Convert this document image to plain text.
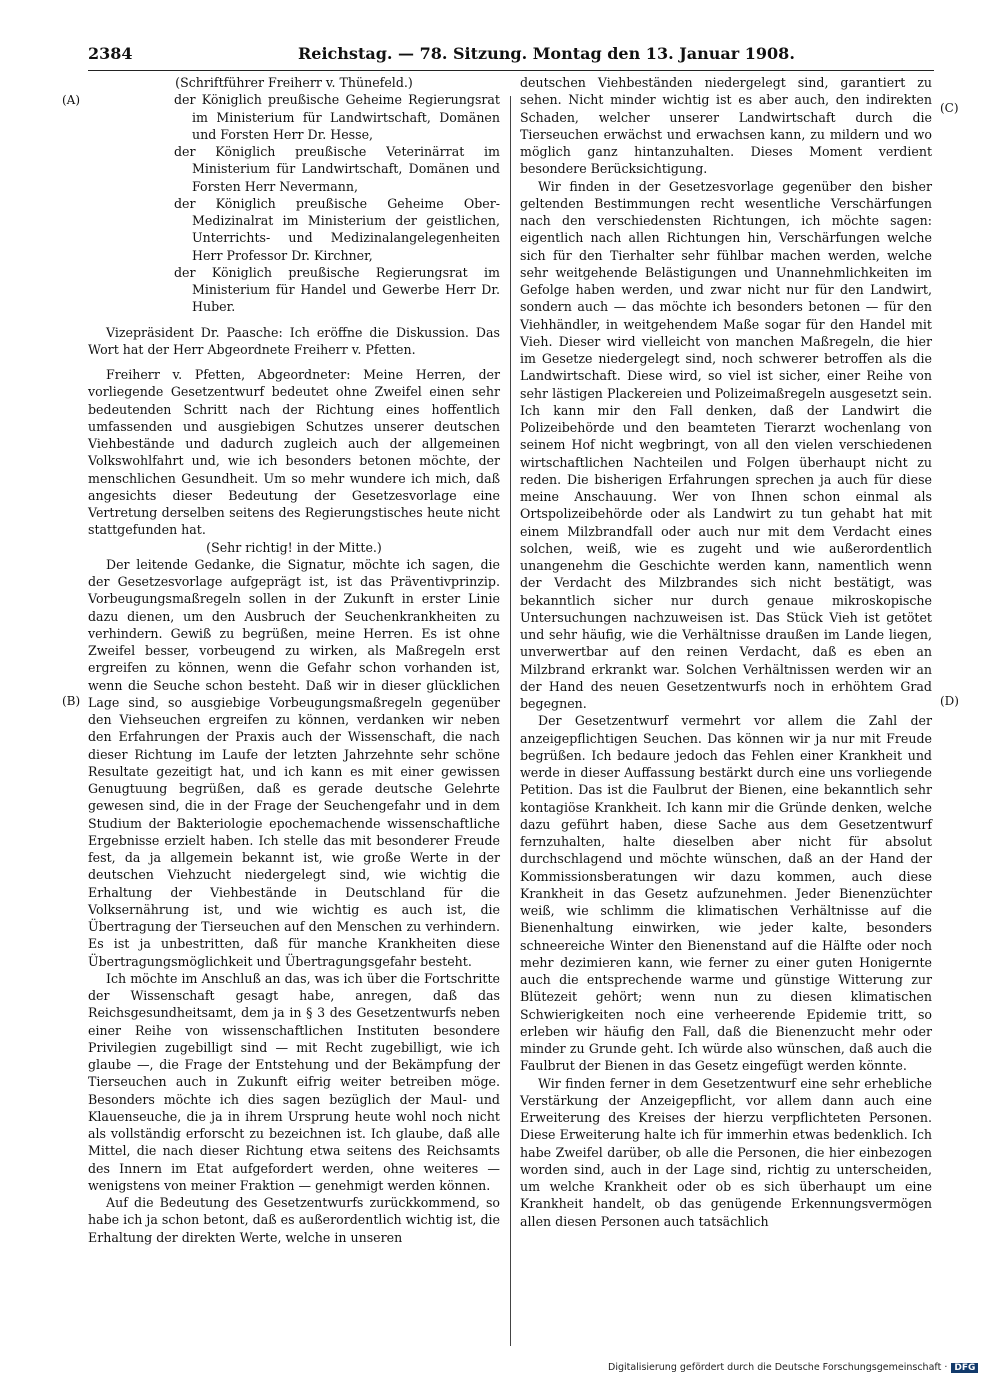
2384	Reichstag. — 78. Sitzung. Montag den 13. Januar 1908.

(Schriftführer Freiherr v. Thünefeld.)

der Königlich preußische Geheime Regierungsrat im Ministerium für Landwirtschaft, Domänen und Forsten Herr Dr. Hesse,

der Königlich preußische Veterinärrat im Ministerium für Landwirtschaft, Domänen und Forsten Herr Nevermann,

der Königlich preußische Geheime Ober-Medizinalrat im Ministerium der geistlichen, Unterrichts- und Medizinalangelegenheiten Herr Professor Dr. Kirchner,

der Königlich preußische Regierungsrat im Ministerium für Handel und Gewerbe Herr Dr. Huber.

Vizepräsident Dr. Paasche: Ich eröffne die Diskussion. Das Wort hat der Herr Abgeordnete Freiherr v. Pfetten.

Freiherr v. Pfetten, Abgeordneter: Meine Herren, der vorliegende Gesetzentwurf bedeutet ohne Zweifel einen sehr bedeutenden Schritt nach der Richtung eines hoffentlich umfassenden und ausgiebigen Schutzes unserer deutschen Viehbestände und dadurch zugleich auch der allgemeinen Volkswohlfahrt und, wie ich besonders betonen möchte, der menschlichen Gesundheit. Um so mehr wundere ich mich, daß angesichts dieser Bedeutung der Gesetzesvorlage eine Vertretung derselben seitens des Regierungstisches heute nicht stattgefunden hat.

(Sehr richtig! in der Mitte.)

Der leitende Gedanke, die Signatur, möchte ich sagen, die der Gesetzesvorlage aufgeprägt ist, ist das Präventivprinzip. Vorbeugungsmaßregeln sollen in der Zukunft in erster Linie dazu dienen, um den Ausbruch der Seuchenkrankheiten zu verhindern. Gewiß zu begrüßen, meine Herren. Es ist ohne Zweifel besser, vorbeugend zu wirken, als Maßregeln erst ergreifen zu können, wenn die Gefahr schon vorhanden ist, wenn die Seuche schon besteht. Daß wir in dieser glücklichen Lage sind, so ausgiebige Vorbeugungsmaßregeln gegenüber den Viehseuchen ergreifen zu können, verdanken wir neben den Erfahrungen der Praxis auch der Wissenschaft, die nach dieser Richtung im Laufe der letzten Jahrzehnte sehr schöne Resultate gezeitigt hat, und ich kann es mit einer gewissen Genugtuung begrüßen, daß es gerade deutsche Gelehrte gewesen sind, die in der Frage der Seuchengefahr und in dem Studium der Bakteriologie epochemachende wissenschaftliche Ergebnisse erzielt haben. Ich stelle das mit besonderer Freude fest, da ja allgemein bekannt ist, wie große Werte in der deutschen Viehzucht niedergelegt sind, wie wichtig die Erhaltung der Viehbestände in Deutschland für die Volksernährung ist, und wie wichtig es auch ist, die Übertragung der Tierseuchen auf den Menschen zu verhindern. Es ist ja unbestritten, daß für manche Krankheiten diese Übertragungsmöglichkeit und Übertragungsgefahr besteht.

Ich möchte im Anschluß an das, was ich über die Fortschritte der Wissenschaft gesagt habe, anregen, daß das Reichsgesundheitsamt, dem ja in § 3 des Gesetzentwurfs neben einer Reihe von wissenschaftlichen Instituten besondere Privilegien zugebilligt sind — mit Recht zugebilligt, wie ich glaube —, die Frage der Entstehung und der Bekämpfung der Tierseuchen auch in Zukunft eifrig weiter betreiben möge. Besonders möchte ich dies sagen bezüglich der Maul- und Klauenseuche, die ja in ihrem Ursprung heute wohl noch nicht als vollständig erforscht zu bezeichnen ist. Ich glaube, daß alle Mittel, die nach dieser Richtung etwa seitens des Reichsamts des Innern im Etat aufgefordert werden, ohne weiteres — wenigstens von meiner Fraktion — genehmigt werden können.

Auf die Bedeutung des Gesetzentwurfs zurückkommend, so habe ich ja schon betont, daß es außerordentlich wichtig ist, die Erhaltung der direkten Werte, welche in unseren

deutschen Viehbeständen niedergelegt sind, garantiert zu sehen. Nicht minder wichtig ist es aber auch, den indirekten Schaden, welcher unserer Landwirtschaft durch die Tierseuchen erwächst und erwachsen kann, zu mildern und wo möglich ganz hintanzuhalten. Dieses Moment verdient besondere Berücksichtigung.

Wir finden in der Gesetzesvorlage gegenüber den bisher geltenden Bestimmungen recht wesentliche Verschärfungen nach den verschiedensten Richtungen, ich möchte sagen: eigentlich nach allen Richtungen hin, Verschärfungen welche sich für den Tierhalter sehr fühlbar machen werden, welche sehr weitgehende Belästigungen und Unannehmlichkeiten im Gefolge haben werden, und zwar nicht nur für den Landwirt, sondern auch — das möchte ich besonders betonen — für den Viehhändler, in weitgehendem Maße sogar für den Handel mit Vieh. Dieser wird vielleicht von manchen Maßregeln, die hier im Gesetze niedergelegt sind, noch schwerer betroffen als die Landwirtschaft. Diese wird, so viel ist sicher, einer Reihe von sehr lästigen Plackereien und Polizeimaßregeln ausgesetzt sein. Ich kann mir den Fall denken, daß der Landwirt die Polizeibehörde und den beamteten Tierarzt wochenlang von seinem Hof nicht wegbringt, von all den vielen verschiedenen wirtschaftlichen Nachteilen und Folgen überhaupt nicht zu reden. Die bisherigen Erfahrungen sprechen ja auch für diese meine Anschauung. Wer von Ihnen schon einmal als Ortspolizeibehörde oder als Landwirt zu tun gehabt hat mit einem Milzbrandfall oder auch nur mit dem Verdacht eines solchen, weiß, wie es zugeht und wie außerordentlich unangenehm die Geschichte werden kann, namentlich wenn der Verdacht des Milzbrandes sich nicht bestätigt, was bekanntlich sicher nur durch genaue mikroskopische Untersuchungen nachzuweisen ist. Das Stück Vieh ist getötet und sehr häufig, wie die Verhältnisse draußen im Lande liegen, unverwertbar auf den reinen Verdacht, daß es eben an Milzbrand erkrankt war. Solchen Verhältnissen werden wir an der Hand des neuen Gesetzentwurfs noch in erhöhtem Grad begegnen.

Der Gesetzentwurf vermehrt vor allem die Zahl der anzeigepflichtigen Seuchen. Das können wir ja nur mit Freude begrüßen. Ich bedaure jedoch das Fehlen einer Krankheit und werde in dieser Auffassung bestärkt durch eine uns vorliegende Petition. Das ist die Faulbrut der Bienen, eine bekanntlich sehr kontagiöse Krankheit. Ich kann mir die Gründe denken, welche dazu geführt haben, diese Sache aus dem Gesetzentwurf fernzuhalten, halte dieselben aber nicht für absolut durchschlagend und möchte wünschen, daß an der Hand der Kommissionsberatungen wir dazu kommen, auch diese Krankheit in das Gesetz aufzunehmen. Jeder Bienenzüchter weiß, wie schlimm die klimatischen Verhältnisse auf die Bienenhaltung einwirken, wie jeder kalte, besonders schneereiche Winter den Bienenstand auf die Hälfte oder noch mehr dezimieren kann, wie ferner zu einer guten Honigernte auch die entsprechende warme und günstige Witterung zur Blütezeit gehört; wenn nun zu diesen klimatischen Schwierigkeiten noch eine verheerende Epidemie tritt, so erleben wir häufig den Fall, daß die Bienenzucht mehr oder minder zu Grunde geht. Ich würde also wünschen, daß auch die Faulbrut der Bienen in das Gesetz eingefügt werden könnte.

Wir finden ferner in dem Gesetzentwurf eine sehr erhebliche Verstärkung der Anzeigepflicht, vor allem dann auch eine Erweiterung des Kreises der hierzu verpflichteten Personen. Diese Erweiterung halte ich für immerhin etwas bedenklich. Ich habe Zweifel darüber, ob alle die Personen, die hier einbezogen worden sind, auch in der Lage sind, richtig zu unterscheiden, um welche Krankheit oder ob es sich überhaupt um eine Krankheit handelt, ob das genügende Erkennungsvermögen allen diesen Personen auch tatsächlich

(A)
(B)
(C)
(D)
Digitalisierung gefördert durch die Deutsche Forschungsgemeinschaft · DFG
